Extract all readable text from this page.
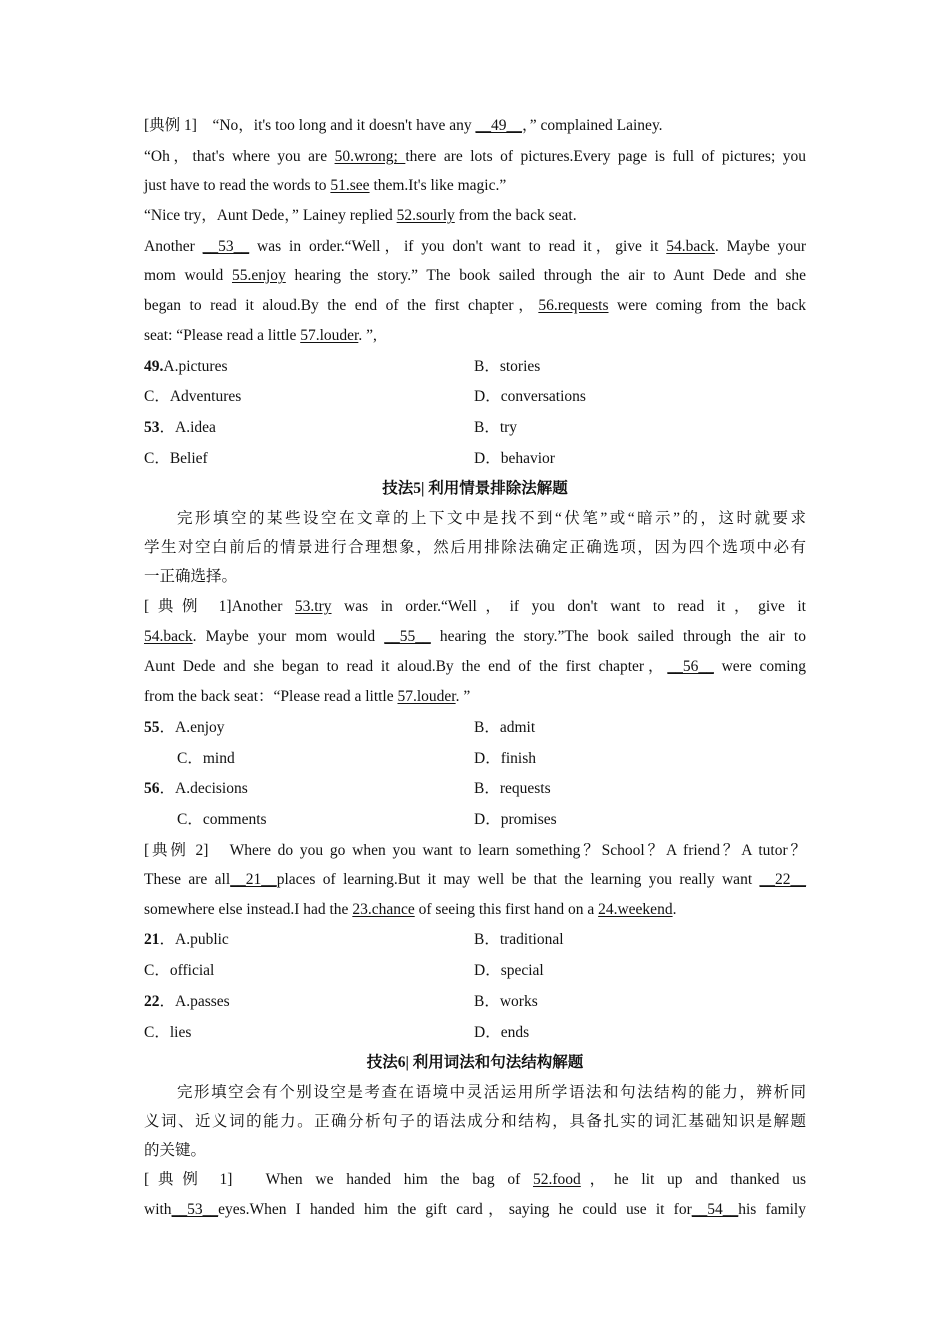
[典例 1]　“No，it's too long and it doesn't have any __49__，” complained Lainey.
“Oh，that's where you are 50.wrong; there are lots of pictures.Every page is full of pictures; you
just have to read the words to 51.see them.It's like magic.”
“Nice try，Aunt Dede，” Lainey replied 52.sourly from the back seat.
Another __53__ was in order.“Well，if you don't want to read it，give it 54.back. Maybe your
mom would 55.enjoy hearing the story.” The book sailed through the air to Aunt Dede and she
began to read it aloud.By the end of the first chapter，56.requests were coming from the back
seat: “Please read a little 57.louder. ”,
49.A.pictures	B．stories
C．Adventures	D．conversations
53．A.idea	B．try
C．Belief	D．behavior
技法5| 利用情景排除法解题
完形填空的某些设空在文章的上下文中是找不到“伏笔”或“暗示”的，这时就要求
学生对空白前后的情景进行合理想象，然后用排除法确定正确选项，因为四个选项中必有
一正确选择。
[典例 1]Another 53.try was in order.“Well，if you don't want to read it，give it
54.back. Maybe your mom would __55__ hearing the story.”The book sailed through the air to
Aunt Dede and she began to read it aloud.By the end of the first chapter，__56__ were coming
from the back seat：“Please read a little 57.louder. ”
55．A.enjoy	B．admit
C．mind	D．finish
56．A.decisions	B．requests
C．comments	D．promises
[典例 2]　Where do you go when you want to learn something？School？A friend？A tutor？
These are all__21__places of learning.But it may well be that the learning you really want __22__
somewhere else instead.I had the 23.chance of seeing this first hand on a 24.weekend.
21．A.public	B．traditional
C．official	D．special
22．A.passes	B．works
C．lies	D．ends
技法6| 利用词法和句法结构解题
完形填空会有个别设空是考查在语境中灵活运用所学语法和句法结构的能力，辨析同
义词、近义词的能力。正确分析句子的语法成分和结构，具备扎实的词汇基础知识是解题
的关键。
[典例 1]　When we handed him the bag of 52.food，he lit up and thanked us
with__53__eyes.When I handed him the gift card，saying he could use it for__54__his family
